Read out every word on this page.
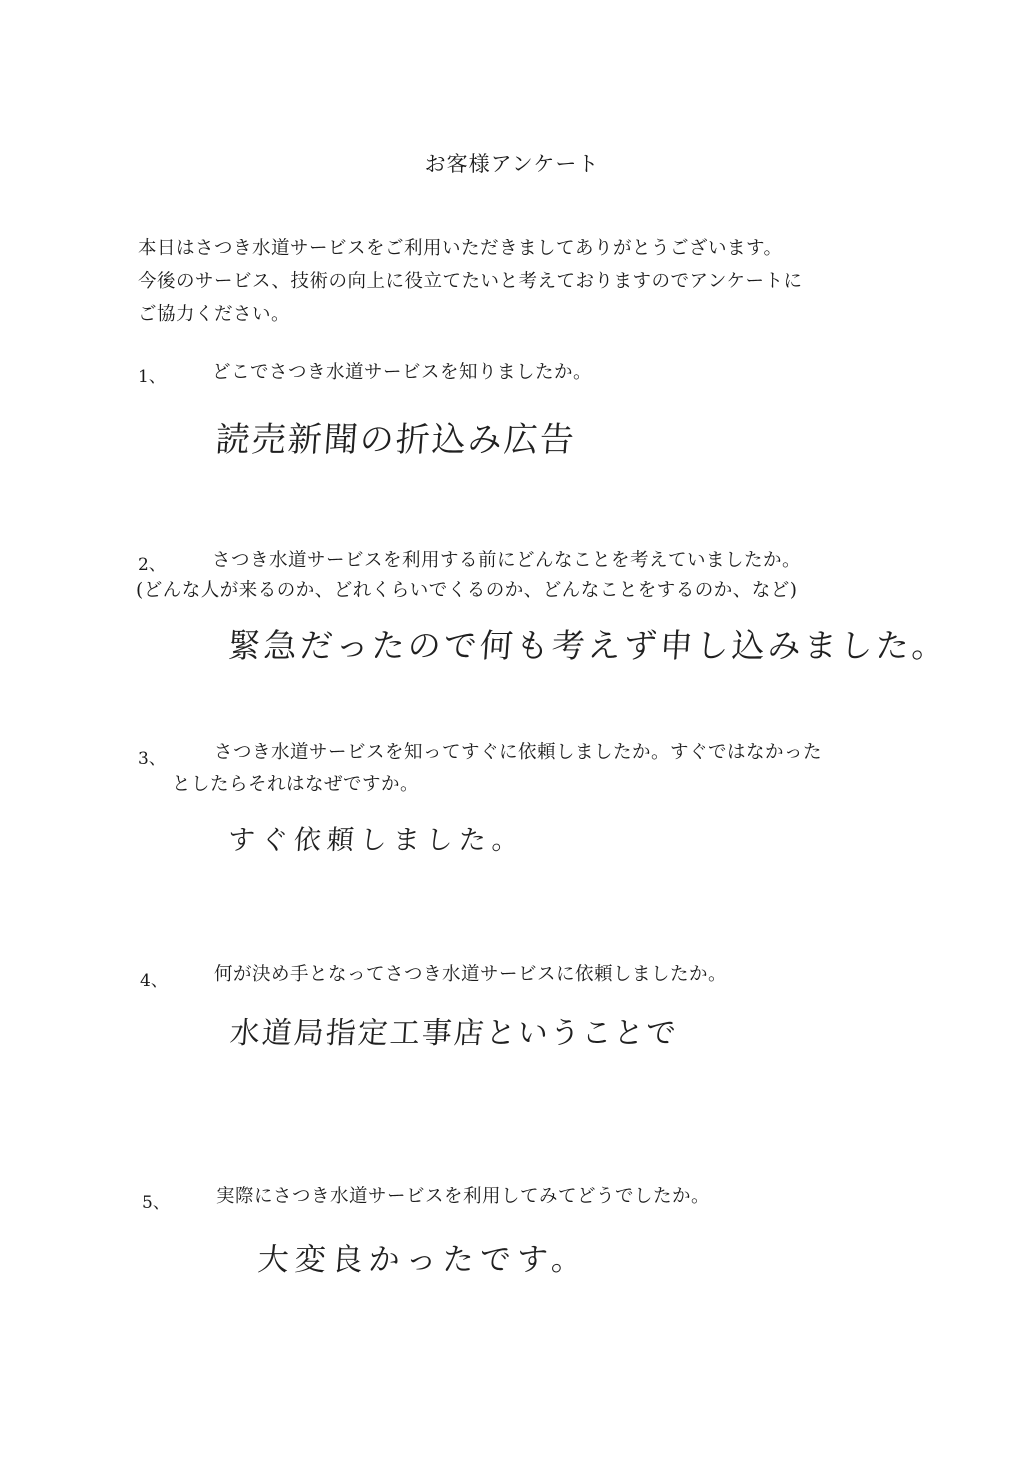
お客様アンケート
本日はさつき水道サービスをご利用いただきましてありがとうございます。
今後のサービス、技術の向上に役立てたいと考えておりますのでアンケートに
ご協力ください。
1、 どこでさつき水道サービスを知りましたか。
読売新聞の折込み広告
2、 さつき水道サービスを利用する前にどんなことを考えていましたか。
(どんな人が来るのか、どれくらいでくるのか、どんなことをするのか、など)
緊急だったので何も考えず申し込みました。
3、	さつき水道サービスを知ってすぐに依頼しましたか。すぐではなかった
としたらそれはなぜですか。
すぐ依頼しました。
4、 何が決め手となってさつき水道サービスに依頼しましたか。
水道局指定工事店ということで
5、 実際にさつき水道サービスを利用してみてどうでしたか。
大変良かったです。
